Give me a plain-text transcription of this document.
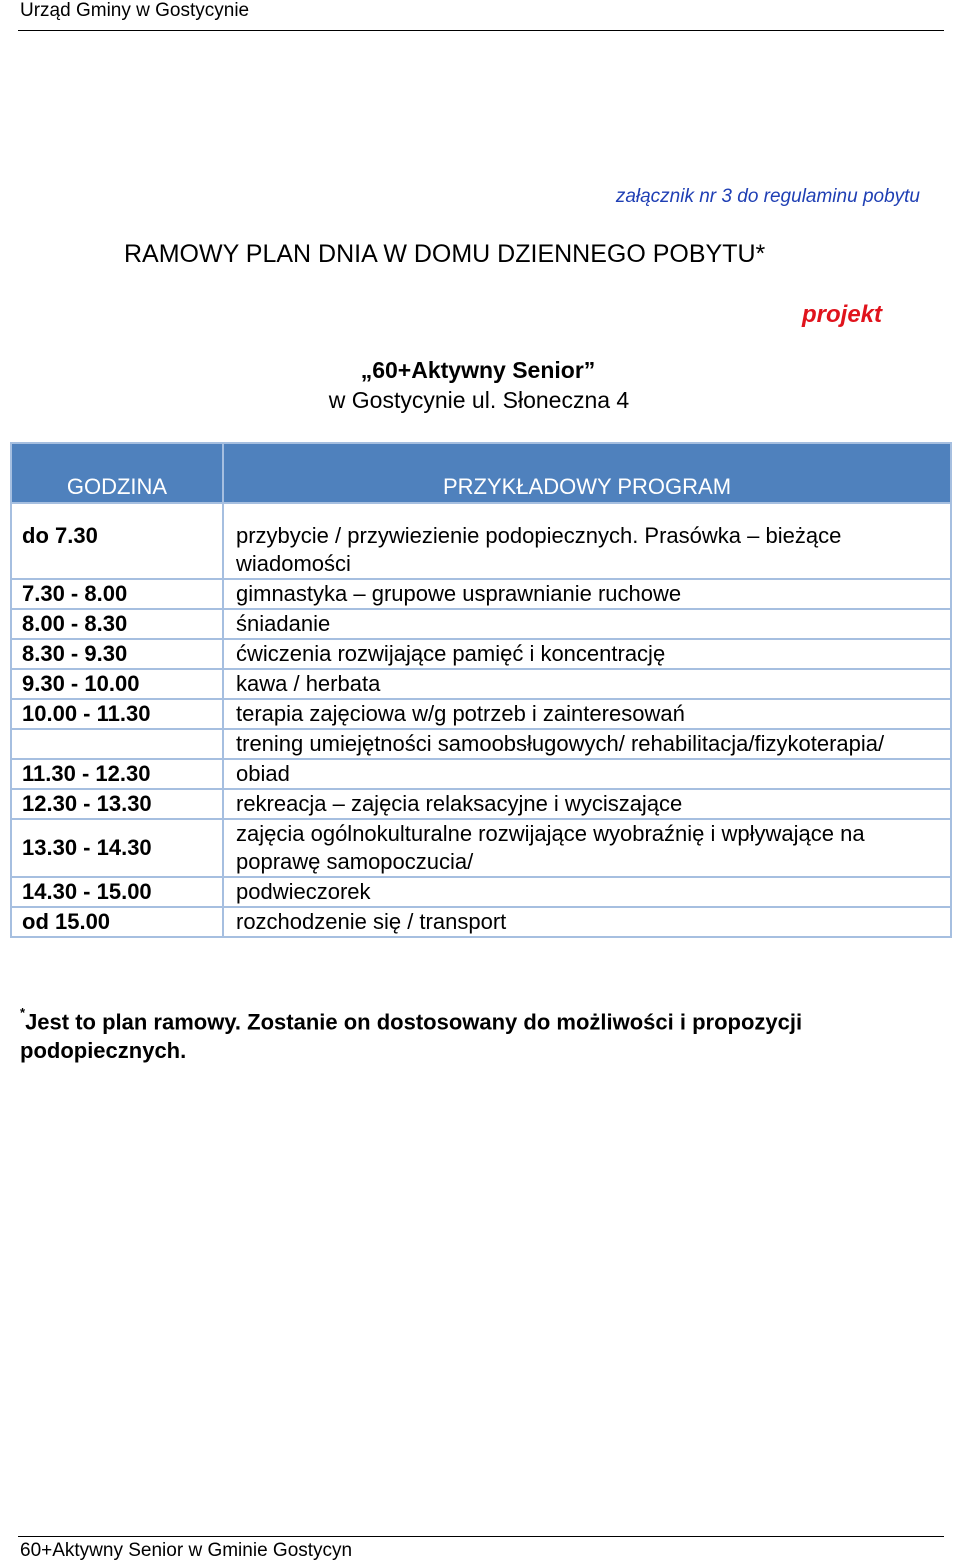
Urząd Gminy w Gostycynie
załącznik nr 3 do regulaminu pobytu
RAMOWY PLAN DNIA W DOMU DZIENNEGO POBYTU*
projekt
„60+Aktywny Senior”
w Gostycynie ul. Słoneczna 4
GODZINA	PRZYKŁADOWY PROGRAM
do 7.30	przybycie / przywiezienie podopiecznych. Prasówka – bieżące wiadomości
7.30 - 8.00	gimnastyka – grupowe usprawnianie ruchowe
8.00 - 8.30	śniadanie
8.30 - 9.30	ćwiczenia rozwijające pamięć i koncentrację
9.30 - 10.00	kawa / herbata
10.00 - 11.30	terapia zajęciowa w/g potrzeb i zainteresowań
	trening umiejętności samoobsługowych/ rehabilitacja/fizykoterapia/
11.30 - 12.30	obiad
12.30 - 13.30	rekreacja – zajęcia relaksacyjne i wyciszające
13.30 - 14.30	zajęcia ogólnokulturalne rozwijające wyobraźnię i wpływające na poprawę samopoczucia/
14.30 - 15.00	podwieczorek
od 15.00	rozchodzenie się / transport
*Jest to plan ramowy. Zostanie on dostosowany do możliwości i propozycji podopiecznych.
60+Aktywny Senior w Gminie Gostycyn
